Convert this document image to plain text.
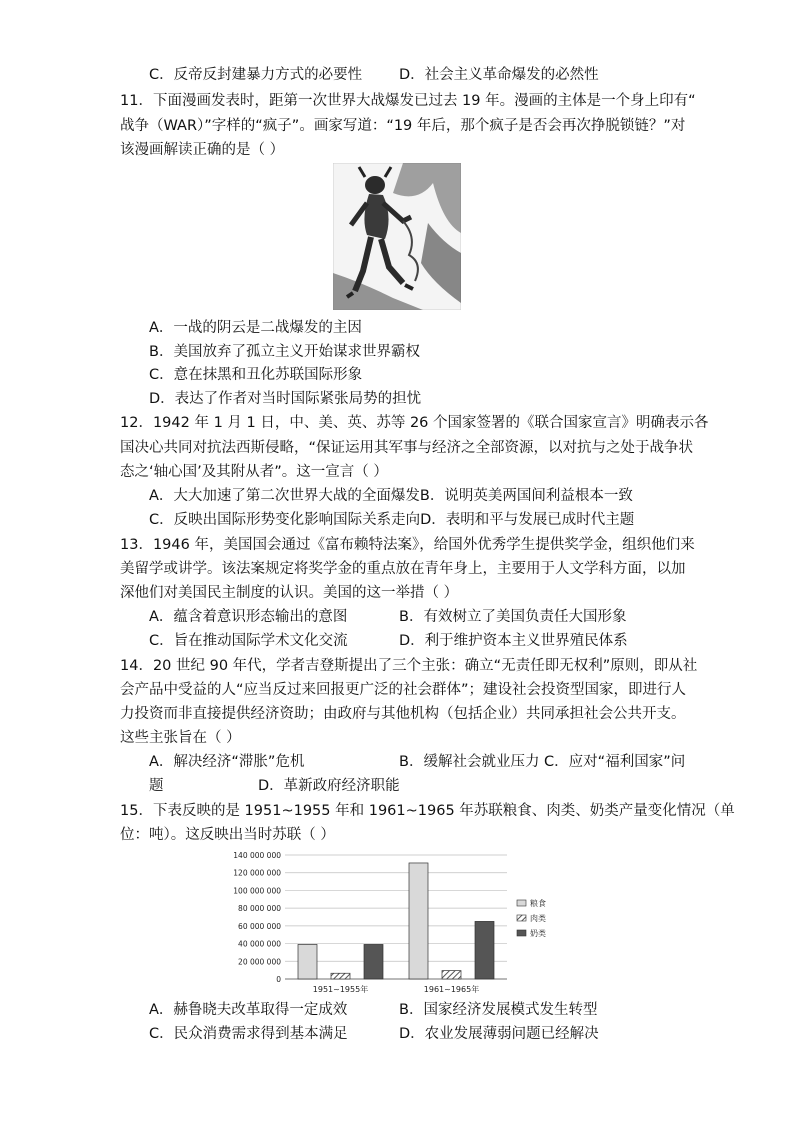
C．反帝反封建暴力方式的必要性	D．社会主义革命爆发的必然性
11．下面漫画发表时，距第一次世界大战爆发已过去 19 年。漫画的主体是一个身上印有“
战争（WAR）”字样的“疯子”。画家写道：“19 年后，那个疯子是否会再次挣脱锁链？”对
该漫画解读正确的是（ ）
A．一战的阴云是二战爆发的主因
B．美国放弃了孤立主义开始谋求世界霸权
C．意在抹黑和丑化苏联国际形象
D．表达了作者对当时国际紧张局势的担忧
12．1942 年 1 月 1 日，中、美、英、苏等 26 个国家签署的《联合国家宣言》明确表示各
国决心共同对抗法西斯侵略，“保证运用其军事与经济之全部资源，以对抗与之处于战争状
态之‘轴心国’及其附从者”。这一宣言（ ）
A．大大加速了第二次世界大战的全面爆发B．说明英美两国间利益根本一致
C．反映出国际形势变化影响国际关系走向D．表明和平与发展已成时代主题
13．1946 年，美国国会通过《富布赖特法案》，给国外优秀学生提供奖学金，组织他们来
美留学或讲学。该法案规定将奖学金的重点放在青年身上，主要用于人文学科方面，以加
深他们对美国民主制度的认识。美国的这一举措（ ）
A．蕴含着意识形态输出的意图	B．有效树立了美国负责任大国形象
C．旨在推动国际学术文化交流	D．利于维护资本主义世界殖民体系
14．20 世纪 90 年代，学者吉登斯提出了三个主张：确立“无责任即无权利”原则，即从社
会产品中受益的人“应当反过来回报更广泛的社会群体”；建设社会投资型国家，即进行人
力投资而非直接提供经济资助；由政府与其他机构（包括企业）共同承担社会公共开支。
这些主张旨在（ ）
A．解决经济“滞胀”危机	B．缓解社会就业压力 C．应对“福利国家”问
题	D．革新政府经济职能
15．下表反映的是 1951~1955 年和 1961~1965 年苏联粮食、肉类、奶类产量变化情况（单
位：吨）。这反映出当时苏联（ ）
140 000 000
120 000 000
100 000 000
80 000 000
60 000 000
40 000 000
20 000 000
0
1951~1955年	1961~1965年
粮食
肉类
奶类
A．赫鲁晓夫改革取得一定成效	B．国家经济发展模式发生转型
C．民众消费需求得到基本满足	D．农业发展薄弱问题已经解决
